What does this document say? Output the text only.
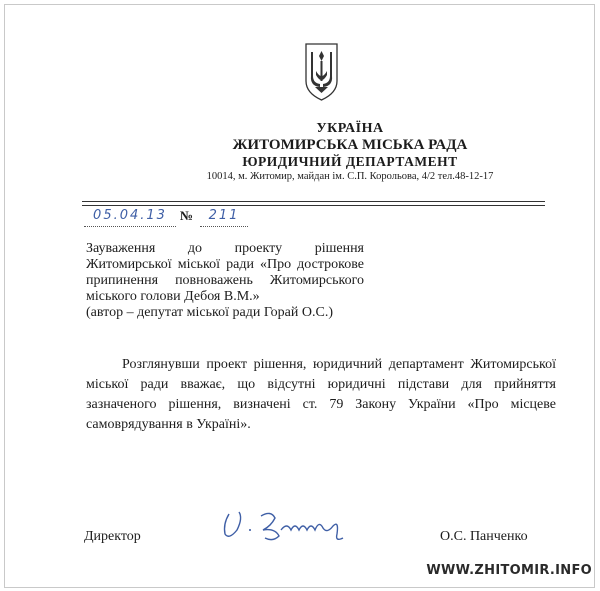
УКРАЇНА
ЖИТОМИРСЬКА МІСЬКА РАДА
ЮРИДИЧНИЙ ДЕПАРТАМЕНТ
10014, м. Житомир, майдан ім. С.П. Корольова, 4/2 тел.48-12-17
05.04.13	№	211
Зауваження до проекту рішення
Житомирської міської ради «Про дострокове
припинення повноважень Житомирського
міського голови Дебоя В.М.»
(автор – депутат міської ради Горай О.С.)
Розглянувши проект рішення, юридичний департамент Житомирської
міської ради вважає, що відсутні юридичні підстави для прийняття
зазначеного рішення, визначені ст. 79 Закону України «Про місцеве
самоврядування в Україні».
Директор	О.С. Панченко
WWW.ZHITOMIR.INFO
